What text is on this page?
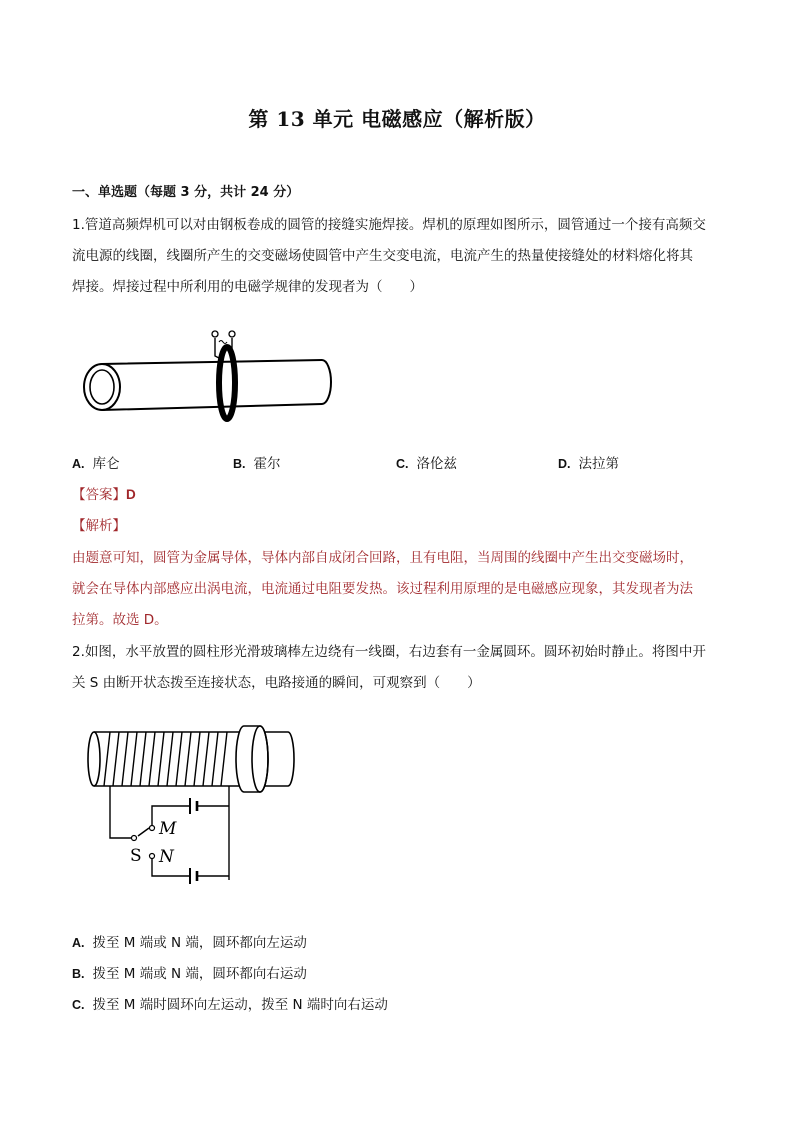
第 13 单元 电磁感应（解析版）
一、单选题（每题 3 分，共计 24 分）
1.管道高频焊机可以对由钢板卷成的圆管的接缝实施焊接。焊机的原理如图所示，圆管通过一个接有高频交
流电源的线圈，线圈所产生的交变磁场使圆管中产生交变电流，电流产生的热量使接缝处的材料熔化将其
焊接。焊接过程中所利用的电磁学规律的发现者为（　　）
A. 库仑	B. 霍尔	C. 洛伦兹	D. 法拉第
【答案】D
【解析】
由题意可知，圆管为金属导体，导体内部自成闭合回路，且有电阻，当周围的线圈中产生出交变磁场时，
就会在导体内部感应出涡电流，电流通过电阻要发热。该过程利用原理的是电磁感应现象，其发现者为法
拉第。故选 D。
2.如图，水平放置的圆柱形光滑玻璃棒左边绕有一线圈，右边套有一金属圆环。圆环初始时静止。将图中开
关 S 由断开状态拨至连接状态，电路接通的瞬间，可观察到（　　）
M
S N
A. 拨至 M 端或 N 端，圆环都向左运动
B. 拨至 M 端或 N 端，圆环都向右运动
C. 拨至 M 端时圆环向左运动，拨至 N 端时向右运动
